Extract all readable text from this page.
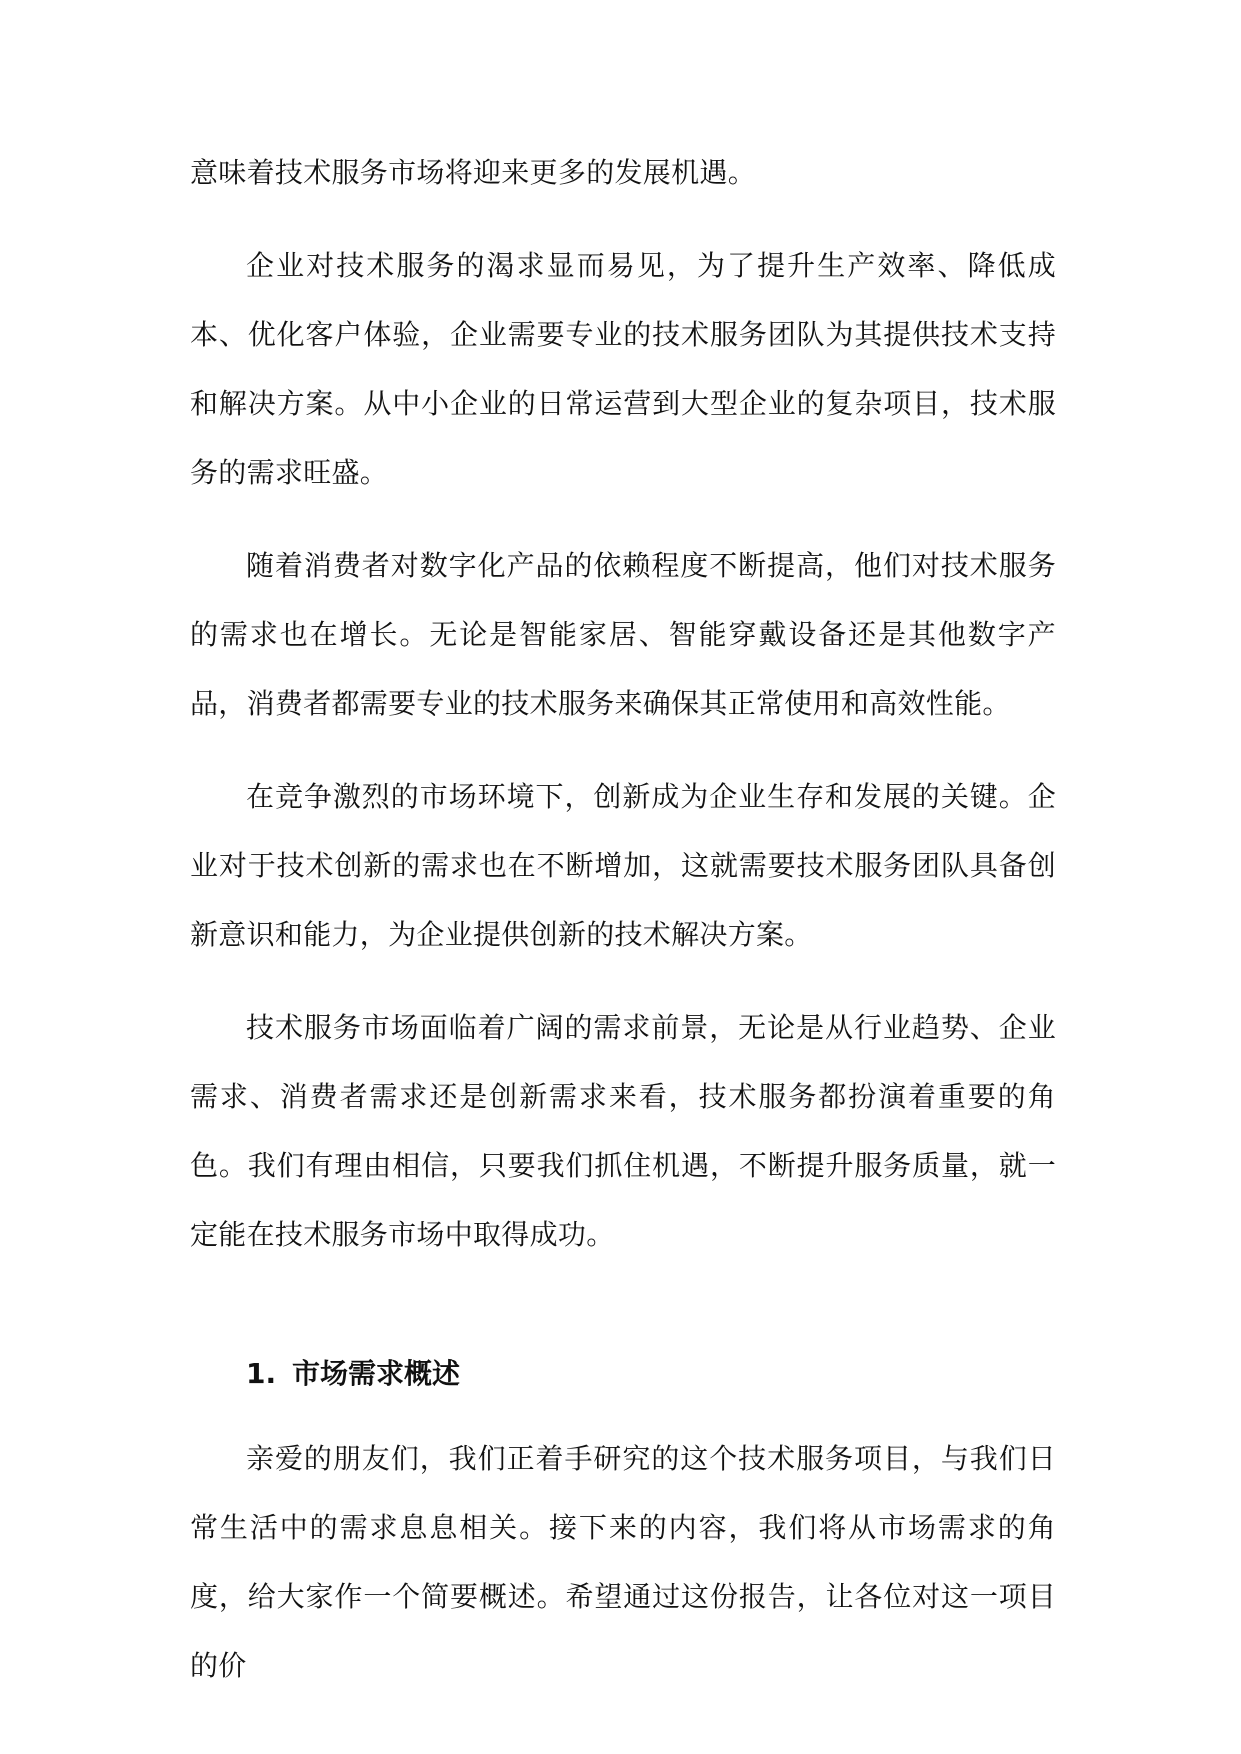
意味着技术服务市场将迎来更多的发展机遇。

企业对技术服务的渴求显而易见，为了提升生产效率、降低成本、优化客户体验，企业需要专业的技术服务团队为其提供技术支持和解决方案。从中小企业的日常运营到大型企业的复杂项目，技术服务的需求旺盛。

随着消费者对数字化产品的依赖程度不断提高，他们对技术服务的需求也在增长。无论是智能家居、智能穿戴设备还是其他数字产品，消费者都需要专业的技术服务来确保其正常使用和高效性能。

在竞争激烈的市场环境下，创新成为企业生存和发展的关键。企业对于技术创新的需求也在不断增加，这就需要技术服务团队具备创新意识和能力，为企业提供创新的技术解决方案。

技术服务市场面临着广阔的需求前景，无论是从行业趋势、企业需求、消费者需求还是创新需求来看，技术服务都扮演着重要的角色。我们有理由相信，只要我们抓住机遇，不断提升服务质量，就一定能在技术服务市场中取得成功。

1. 市场需求概述

亲爱的朋友们，我们正着手研究的这个技术服务项目，与我们日常生活中的需求息息相关。接下来的内容，我们将从市场需求的角度，给大家作一个简要概述。希望通过这份报告，让各位对这一项目的价
